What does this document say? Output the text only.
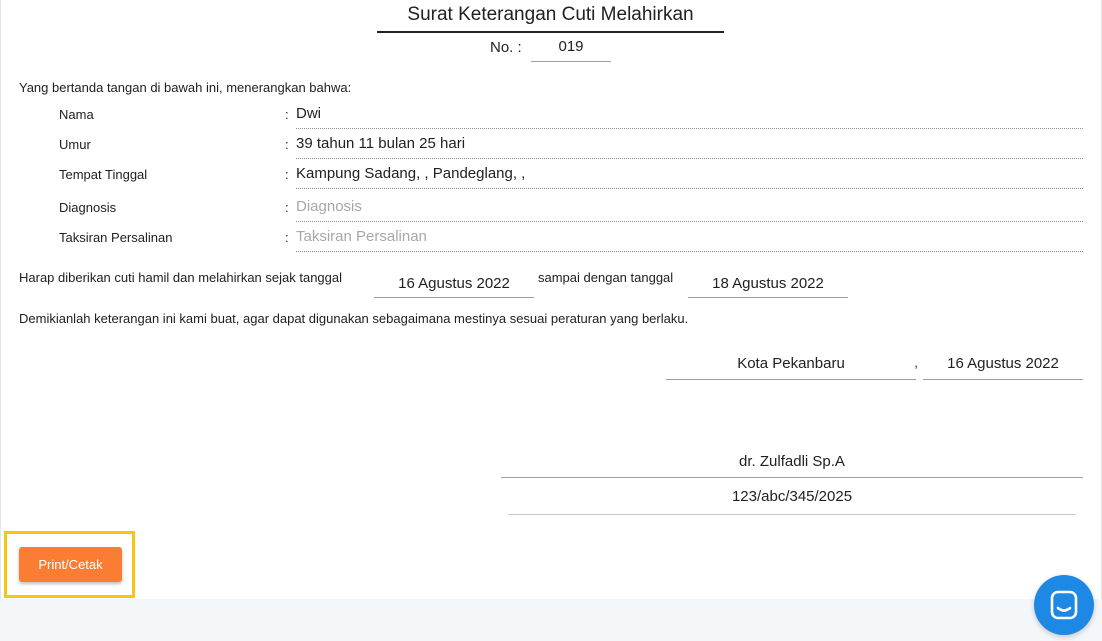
Surat Keterangan Cuti Melahirkan
No. :	019
Yang bertanda tangan di bawah ini, menerangkan bahwa:
Nama	: Dwi
Umur	: 39 tahun 11 bulan 25 hari
Tempat Tinggal	: Kampung Sadang, , Pandeglang, ,
Diagnosis	: Diagnosis
Taksiran Persalinan	: Taksiran Persalinan
Harap diberikan cuti hamil dan melahirkan sejak tanggal	16 Agustus 2022	sampai dengan tanggal	18 Agustus 2022
Demikianlah keterangan ini kami buat, agar dapat digunakan sebagaimana mestinya sesuai peraturan yang berlaku.
Kota Pekanbaru	,	16 Agustus 2022
dr. Zulfadli Sp.A
123/abc/345/2025
Print/Cetak
